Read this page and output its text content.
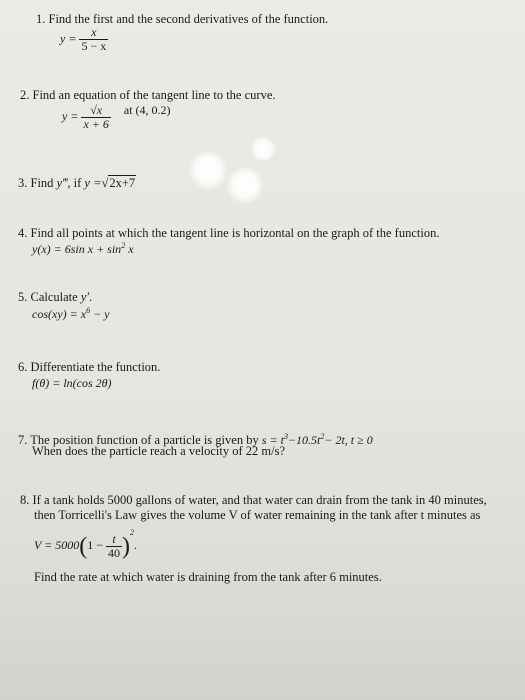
1. Find the first and the second derivatives of the function.
$y = \frac{x}{5 - x}$
2. Find an equation of the tangent line to the curve.
$y = \frac{√x}{x + 6}$ at (4, 0.2)
3. Find y‴, if y =√2x+7
4. Find all points at which the tangent line is horizontal on the graph of the function.
y(x) = 6sin $x + \sin^2 x$
5. Calculate y′.
$\cos(xy) = x^6 - y$
6. Differentiate the function.
f(θ) = ln(cos 2θ)
7. The position function of a particle is given by $s = t^3-10.5t^2- 2t$, t ≥ 0
When does the particle reach a velocity of 22 m/s?
8. If a tank holds 5000 gallons of water, and that water can drain from the tank in 40 minutes,
then Torricelli's Law gives the volume V of water remaining in the tank after t minutes as
$V = 5000(1 - \frac{t}{40} )^2$.
Find the rate at which water is draining from the tank after 6 minutes.
